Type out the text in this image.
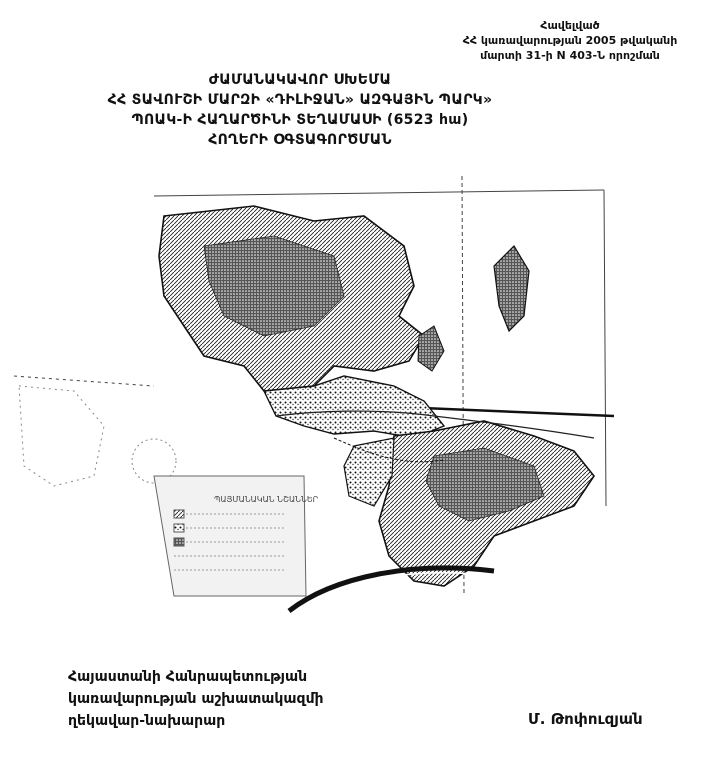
Հավելված
ՀՀ կառավարության 2005 թվականի
մարտի 31-ի N 403-Ն որոշման
ԺԱՄԱՆԱԿԱՎՈՐ ՍԽԵՄԱ
ՀՀ ՏԱՎՈՒՇԻ ՄԱՐԶԻ «ԴԻԼԻՋԱՆ» ԱԶԳԱՅԻՆ ՊԱՐԿ»
ՊՈԱԿ-Ի ՀԱՂԱՐԾԻՆԻ ՏԵՂԱՄԱՍԻ (6523 հա)
ՀՈՂԵՐԻ ՕԳՏԱԳՈՐԾՄԱՆ
ՊԱՅՄԱՆԱԿԱՆ ՆՇԱՆՆԵՐ
Հայաստանի Հանրապետության
կառավարության աշխատակազմի
ղեկավար-նախարար	Մ. Թոփուզյան
